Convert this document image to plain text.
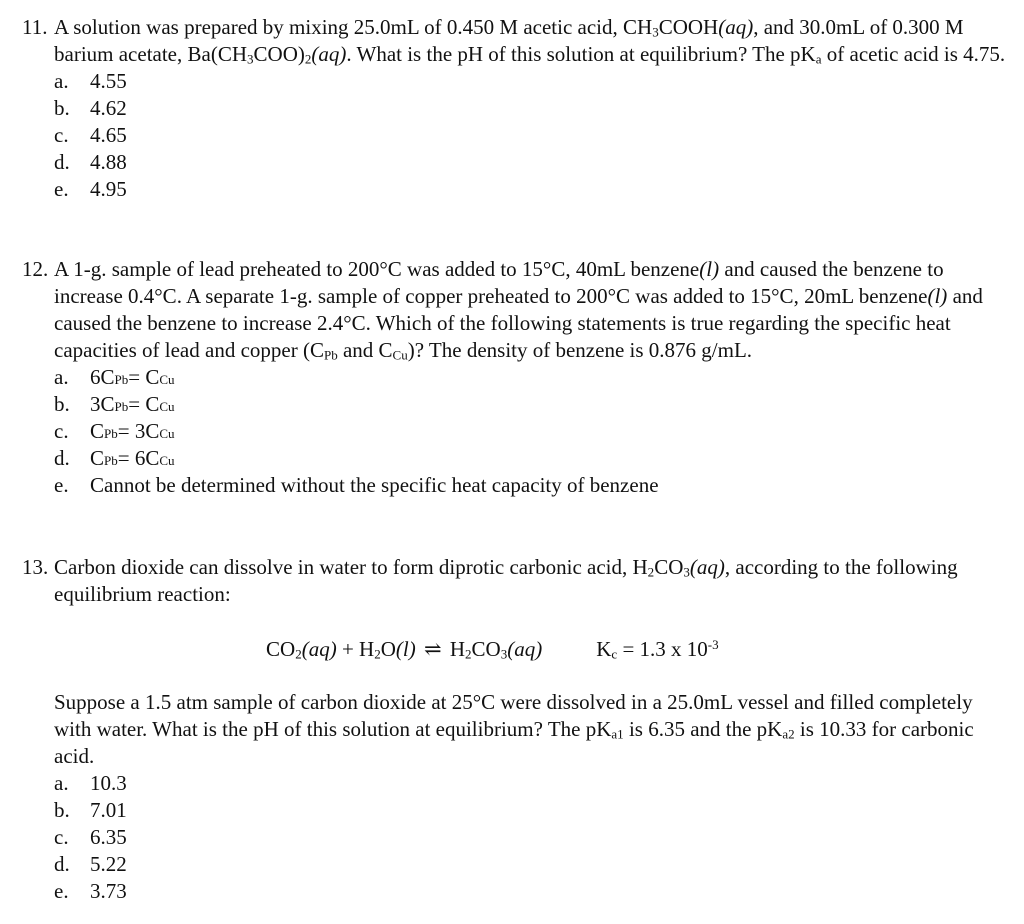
11. A solution was prepared by mixing 25.0mL of 0.450 M acetic acid, $CH_3COOH(aq)$, and 30.0mL of 0.300 M barium acetate, $Ba(CH_3COO)_2(aq)$. What is the pH of this solution at equilibrium? The $pK_a$ of acetic acid is 4.75.
a.	4.55
b. 4.62
c.	4.65
d. 4.88
e.	4.95
12. A 1-g. sample of lead preheated to 200°C was added to 15°C, 40mL benzene(l) and caused the benzene to increase 0.4°C. A separate 1-g. sample of copper preheated to 200°C was added to 15°C, 20mL benzene(l) and caused the benzene to increase 2.4°C. Which of the following statements is true regarding the specific heat capacities of lead and copper ($C_{Pb}$ and $C_{Cu}$)? The density of benzene is 0.876 g/mL.
a.	6C Pb = C Cu
b. 3C Pb = C Cu
c.	C Pb = 3C Cu
d. C Pb = 6C Cu
e.	Cannot be determined without the specific heat capacity of benzene
13. Carbon dioxide can dissolve in water to form diprotic carbonic acid, $H_2CO_3(aq)$, according to the following equilibrium reaction:
$CO_2(aq) + H_2O(l)$ ⇌ $H_2CO_3(aq)$	$K_c = 1.3$ x $10^{-3}$
Suppose a 1.5 atm sample of carbon dioxide at 25°C were dissolved in a 25.0mL vessel and filled completely with water. What is the pH of this solution at equilibrium? The $pK_{a1}$ is 6.35 and the $pK_{a2}$ is 10.33 for carbonic acid.
a.	10.3
b. 7.01
c.	6.35
d. 5.22
e.	3.73
